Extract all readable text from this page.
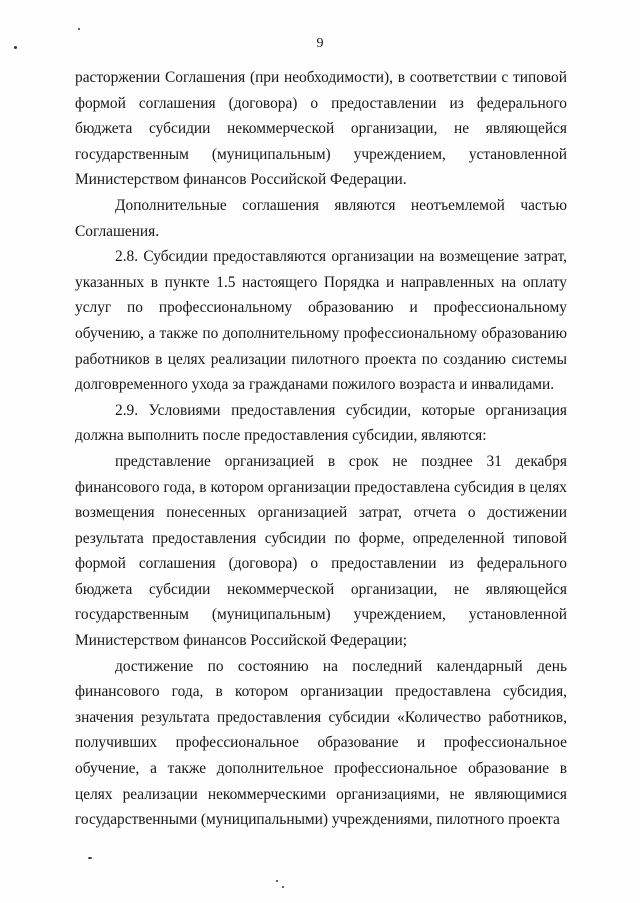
9

расторжении Соглашения (при необходимости), в соответствии с типовой формой соглашения (договора) о предоставлении из федерального бюджета субсидии некоммерческой организации, не являющейся государственным (муниципальным) учреждением, установленной Министерством финансов Российской Федерации.

Дополнительные соглашения являются неотъемлемой частью Соглашения.

2.8. Субсидии предоставляются организации на возмещение затрат, указанных в пункте 1.5 настоящего Порядка и направленных на оплату услуг по профессиональному образованию и профессиональному обучению, а также по дополнительному профессиональному образованию работников в целях реализации пилотного проекта по созданию системы долговременного ухода за гражданами пожилого возраста и инвалидами.

2.9. Условиями предоставления субсидии, которые организация должна выполнить после предоставления субсидии, являются:

представление организацией в срок не позднее 31 декабря финансового года, в котором организации предоставлена субсидия в целях возмещения понесенных организацией затрат, отчета о достижении результата предоставления субсидии по форме, определенной типовой формой соглашения (договора) о предоставлении из федерального бюджета субсидии некоммерческой организации, не являющейся государственным (муниципальным) учреждением, установленной Министерством финансов Российской Федерации;

достижение по состоянию на последний календарный день финансового года, в котором организации предоставлена субсидия, значения результата предоставления субсидии «Количество работников, получивших профессиональное образование и профессиональное обучение, а также дополнительное профессиональное образование в целях реализации некоммерческими организациями, не являющимися государственными (муниципальными) учреждениями, пилотного проекта
